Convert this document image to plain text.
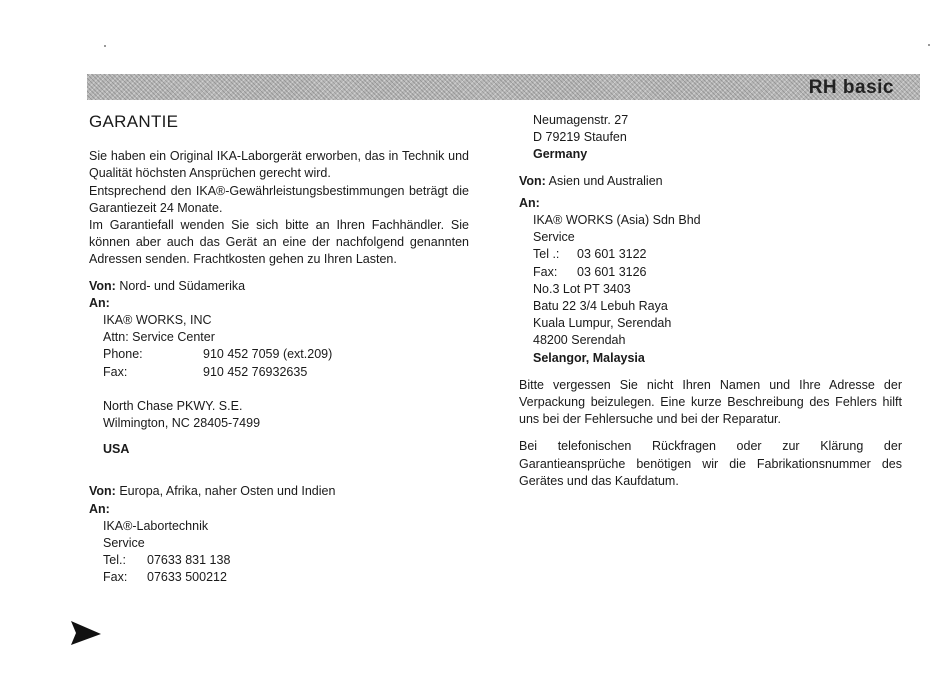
RH basic
GARANTIE

Sie haben ein Original IKA-Laborgerät erworben, das in Technik und Qualität höchsten Ansprüchen gerecht wird.

Entsprechend den IKA®-Gewährleistungsbestimmungen beträgt die Garantiezeit 24 Monate.

Im Garantiefall wenden Sie sich bitte an Ihren Fachhändler. Sie können aber auch das Gerät an eine der nachfolgend genannten Adressen senden. Frachtkosten gehen zu Ihren Lasten.

Von: Nord- und Südamerika

An:

IKA® WORKS, INC

Attn: Service Center

Phone:	910 452 7059 (ext.209)
Fax:	910 452 76932635

North Chase PKWY. S.E.

Wilmington, NC 28405-7499

USA

Von: Europa, Afrika, naher Osten und Indien

An:

IKA®-Labortechnik

Service

Tel.:	07633 831 138
Fax:	07633 500212

Neumagenstr. 27

D 79219 Staufen

Germany

Von: Asien und Australien

An:

IKA® WORKS (Asia) Sdn Bhd

Service

Tel .:	03 601 3122
Fax:	03 601 3126

No.3 Lot PT 3403

Batu 22 3/4 Lebuh Raya

Kuala Lumpur, Serendah

48200 Serendah

Selangor, Malaysia

Bitte vergessen Sie nicht Ihren Namen und Ihre Adresse der Verpackung beizulegen. Eine kurze Beschreibung des Fehlers hilft uns bei der Fehlersuche und bei der Reparatur.

Bei telefonischen Rückfragen oder zur Klärung der Garantieansprüche benötigen wir die Fabrikationsnummer des Gerätes und das Kaufdatum.
